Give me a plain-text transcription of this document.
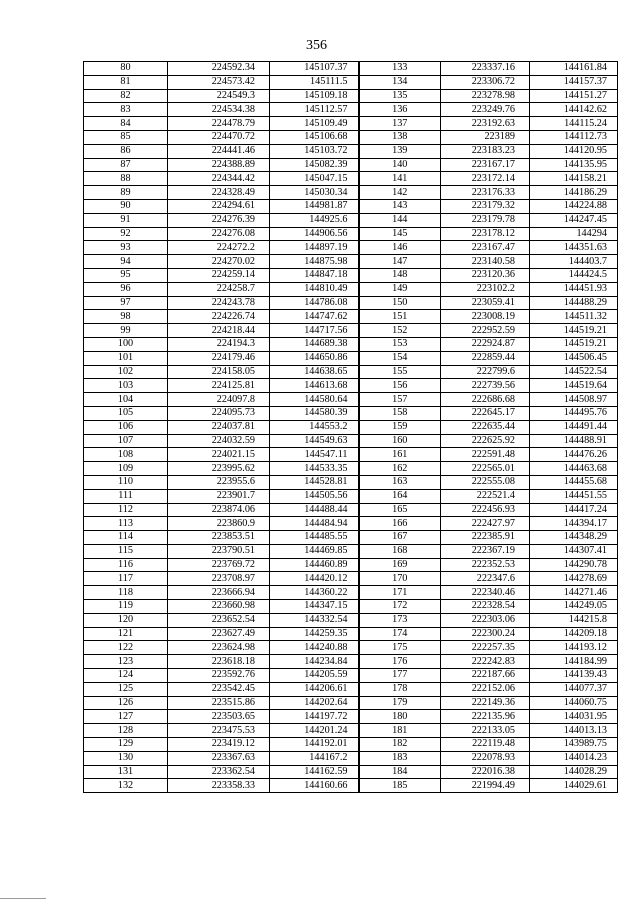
356
80	224592.34	145107.37	133	223337.16	144161.84
81	224573.42	145111.5	134	223306.72	144157.37
82	224549.3	145109.18	135	223278.98	144151.27
83	224534.38	145112.57	136	223249.76	144142.62
84	224478.79	145109.49	137	223192.63	144115.24
85	224470.72	145106.68	138	223189	144112.73
86	224441.46	145103.72	139	223183.23	144120.95
87	224388.89	145082.39	140	223167.17	144135.95
88	224344.42	145047.15	141	223172.14	144158.21
89	224328.49	145030.34	142	223176.33	144186.29
90	224294.61	144981.87	143	223179.32	144224.88
91	224276.39	144925.6	144	223179.78	144247.45
92	224276.08	144906.56	145	223178.12	144294
93	224272.2	144897.19	146	223167.47	144351.63
94	224270.02	144875.98	147	223140.58	144403.7
95	224259.14	144847.18	148	223120.36	144424.5
96	224258.7	144810.49	149	223102.2	144451.93
97	224243.78	144786.08	150	223059.41	144488.29
98	224226.74	144747.62	151	223008.19	144511.32
99	224218.44	144717.56	152	222952.59	144519.21
100	224194.3	144689.38	153	222924.87	144519.21
101	224179.46	144650.86	154	222859.44	144506.45
102	224158.05	144638.65	155	222799.6	144522.54
103	224125.81	144613.68	156	222739.56	144519.64
104	224097.8	144580.64	157	222686.68	144508.97
105	224095.73	144580.39	158	222645.17	144495.76
106	224037.81	144553.2	159	222635.44	144491.44
107	224032.59	144549.63	160	222625.92	144488.91
108	224021.15	144547.11	161	222591.48	144476.26
109	223995.62	144533.35	162	222565.01	144463.68
110	223955.6	144528.81	163	222555.08	144455.68
111	223901.7	144505.56	164	222521.4	144451.55
112	223874.06	144488.44	165	222456.93	144417.24
113	223860.9	144484.94	166	222427.97	144394.17
114	223853.51	144485.55	167	222385.91	144348.29
115	223790.51	144469.85	168	222367.19	144307.41
116	223769.72	144460.89	169	222352.53	144290.78
117	223708.97	144420.12	170	222347.6	144278.69
118	223666.94	144360.22	171	222340.46	144271.46
119	223660.98	144347.15	172	222328.54	144249.05
120	223652.54	144332.54	173	222303.06	144215.8
121	223627.49	144259.35	174	222300.24	144209.18
122	223624.98	144240.88	175	222257.35	144193.12
123	223618.18	144234.84	176	222242.83	144184.99
124	223592.76	144205.59	177	222187.66	144139.43
125	223542.45	144206.61	178	222152.06	144077.37
126	223515.86	144202.64	179	222149.36	144060.75
127	223503.65	144197.72	180	222135.96	144031.95
128	223475.53	144201.24	181	222133.05	144013.13
129	223419.12	144192.01	182	222119.48	143989.75
130	223367.63	144167.2	183	222078.93	144014.23
131	223362.54	144162.59	184	222016.38	144028.29
132	223358.33	144160.66	185	221994.49	144029.61
